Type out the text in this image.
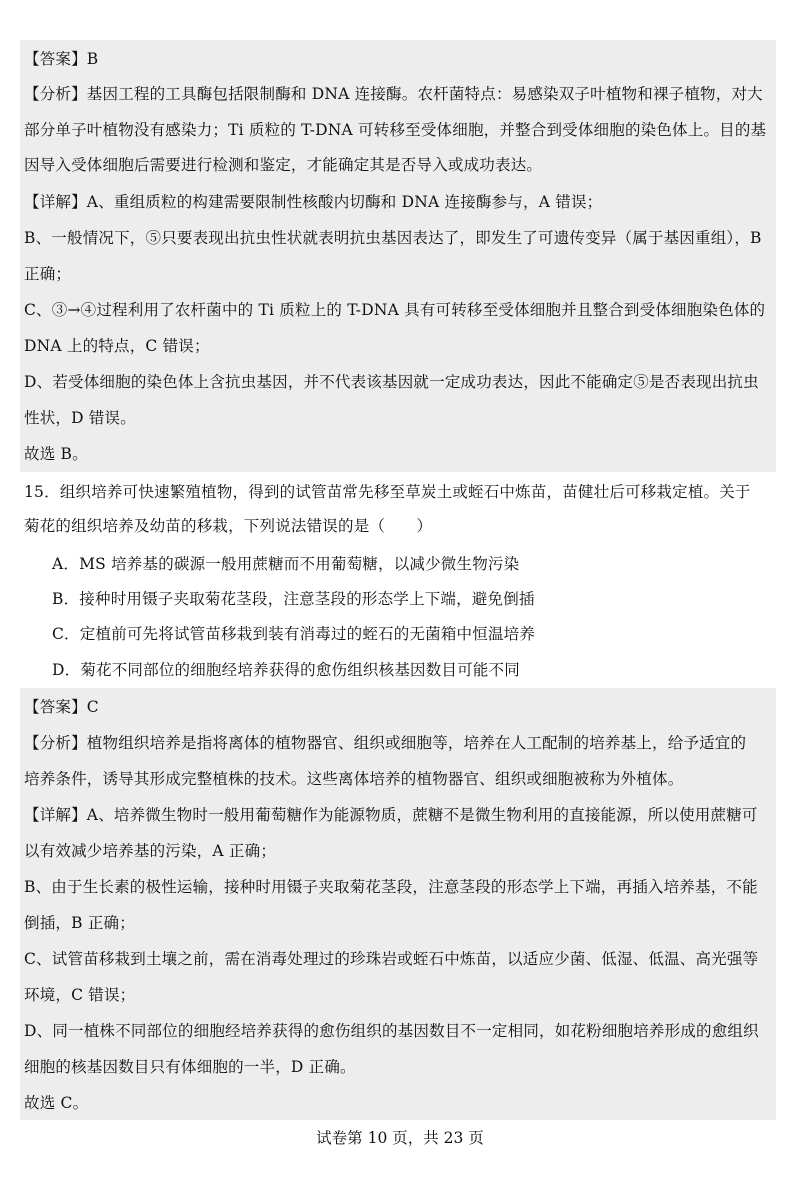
【答案】B
【分析】基因工程的工具酶包括限制酶和 DNA 连接酶。农杆菌特点：易感染双子叶植物和裸子植物，对大
部分单子叶植物没有感染力；Ti 质粒的 T-DNA 可转移至受体细胞，并整合到受体细胞的染色体上。目的基
因导入受体细胞后需要进行检测和鉴定，才能确定其是否导入或成功表达。
【详解】A、重组质粒的构建需要限制性核酸内切酶和 DNA 连接酶参与，A 错误；
B、一般情况下，⑤只要表现出抗虫性状就表明抗虫基因表达了，即发生了可遗传变异（属于基因重组），B
正确；
C、③→④过程利用了农杆菌中的 Ti 质粒上的 T-DNA 具有可转移至受体细胞并且整合到受体细胞染色体的
DNA 上的特点，C 错误；
D、若受体细胞的染色体上含抗虫基因，并不代表该基因就一定成功表达，因此不能确定⑤是否表现出抗虫
性状，D 错误。
故选 B。
15．组织培养可快速繁殖植物，得到的试管苗常先移至草炭土或蛭石中炼苗，苗健壮后可移栽定植。关于
菊花的组织培养及幼苗的移栽，下列说法错误的是（　　）
A．MS 培养基的碳源一般用蔗糖而不用葡萄糖，以减少微生物污染
B．接种时用镊子夹取菊花茎段，注意茎段的形态学上下端，避免倒插
C．定植前可先将试管苗移栽到装有消毒过的蛭石的无菌箱中恒温培养
D．菊花不同部位的细胞经培养获得的愈伤组织核基因数目可能不同
【答案】C
【分析】植物组织培养是指将离体的植物器官、组织或细胞等，培养在人工配制的培养基上，给予适宜的
培养条件，诱导其形成完整植株的技术。这些离体培养的植物器官、组织或细胞被称为外植体。
【详解】A、培养微生物时一般用葡萄糖作为能源物质，蔗糖不是微生物利用的直接能源，所以使用蔗糖可
以有效减少培养基的污染，A 正确；
B、由于生长素的极性运输，接种时用镊子夹取菊花茎段，注意茎段的形态学上下端，再插入培养基，不能
倒插，B 正确；
C、试管苗移栽到土壤之前，需在消毒处理过的珍珠岩或蛭石中炼苗，以适应少菌、低湿、低温、高光强等
环境，C 错误；
D、同一植株不同部位的细胞经培养获得的愈伤组织的基因数目不一定相同，如花粉细胞培养形成的愈组织
细胞的核基因数目只有体细胞的一半，D 正确。
故选 C。
试卷第 10 页，共 23 页
